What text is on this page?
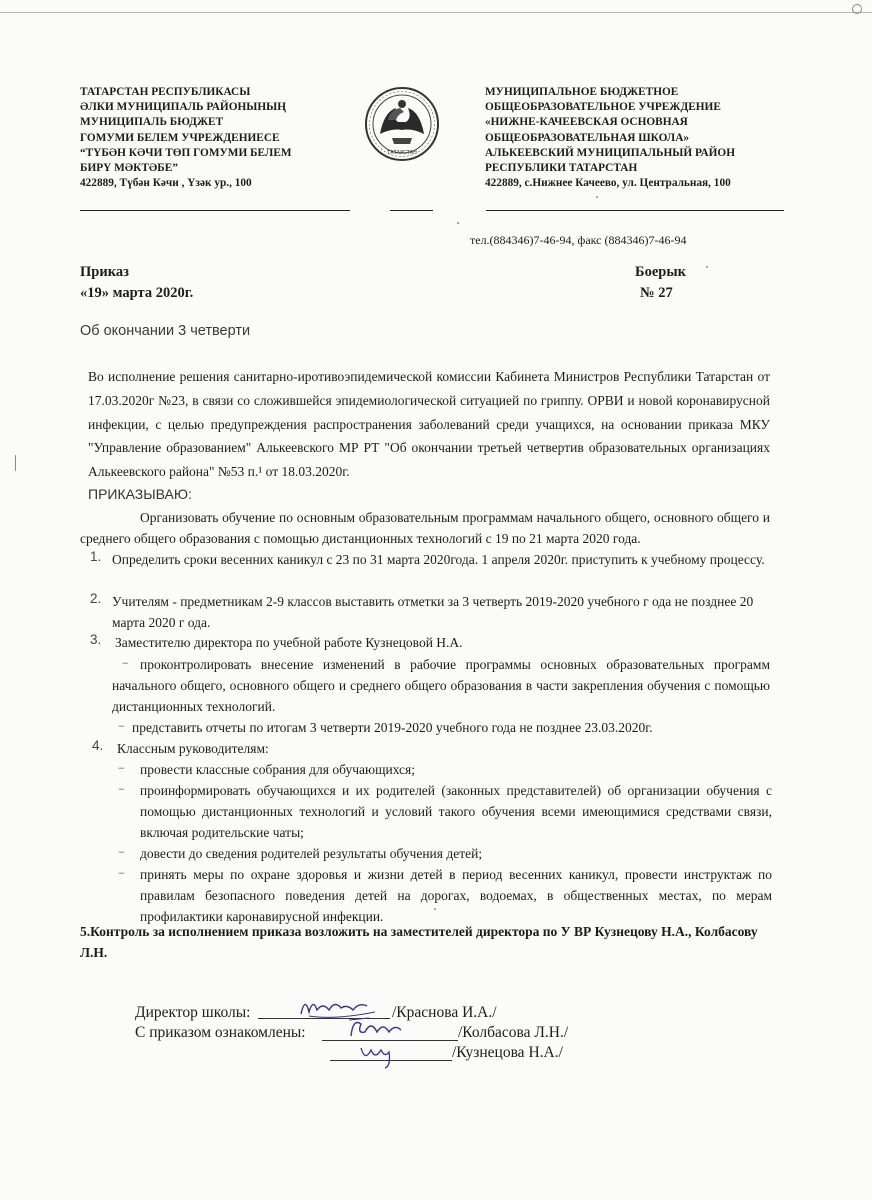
ТАТАРСТАН РЕСПУБЛИКАСЫ
ӘЛКИ МУНИЦИПАЛЬ РАЙОНЫНЫҢ
МУНИЦИПАЛЬ БЮДЖЕТ
ГОМУМИ БЕЛЕМ УЧРЕЖДЕНИЕСЕ
“ТҮБӘН КӘЧИ ТӨП ГОМУМИ БЕЛЕМ
БИРҮ МӘКТӘБЕ”
422889, Түбән Кәчи , Үзәк ур., 100
ТАТАРСТАН
МУНИЦИПАЛЬНОЕ БЮДЖЕТНОЕ
ОБЩЕОБРАЗОВАТЕЛЬНОЕ УЧРЕЖДЕНИЕ
«НИЖНЕ-КАЧЕЕВСКАЯ ОСНОВНАЯ
ОБЩЕОБРАЗОВАТЕЛЬНАЯ ШКОЛА»
АЛЬКЕЕВСКИЙ МУНИЦИПАЛЬНЫЙ РАЙОН
РЕСПУБЛИКИ ТАТАРСТАН
422889, с.Нижнее Качеево, ул. Центральная, 100
тел.(884346)7-46-94, факс (884346)7-46-94
Приказ
«19» марта 2020г.
Боерык
№ 27
Об окончании 3 четверти
Во исполнение решения санитарно-иротивоэпидемической комиссии Кабинета Министров Республики Татарстан от 17.03.2020г №23, в связи со сложившейся эпидемиологической ситуацией по гриппу. ОРВИ и новой коронавирусной инфекции, с целью предупреждения распространения заболеваний среди учащихся, на основании приказа МКУ "Управление образованием" Алькеевского МР РТ "Об окончании третьей четвертив образовательных организациях Алькеевского района" №53 п.¹ от 18.03.2020г.
ПРИКАЗЫВАЮ:
Организовать обучение по основным образовательным программам начального общего, основного общего и среднего общего образования с помощью дистанционных технологий с 19 по 21 марта 2020 года.
1. Определить сроки весенних каникул с 23 по 31 марта 2020года. 1 апреля 2020г. приступить к учебному процессу.
2. Учителям - предметникам 2-9 классов выставить отметки за 3 четверть 2019-2020 учебного г ода не позднее 20 марта 2020 г ода.
3. Заместителю директора по учебной работе Кузнецовой Н.А.
− проконтролировать внесение изменений в рабочие программы основных образовательных программ начального общего, основного общего и среднего общего образования в части закрепления обучения с помощью дистанционных технологий.
− представить отчеты по итогам 3 четверти 2019-2020 учебного года не позднее 23.03.2020г.
4. Классным руководителям:
− провести классные собрания для обучающихся;
− проинформировать обучающихся и их родителей (законных представителей) об организации обучения с помощью дистанционных технологий и условий такого обучения всеми имеющимися средствами связи, включая родительские чаты;
− довести до сведения родителей результаты обучения детей;
− принять меры по охране здоровья и жизни детей в период весенних каникул, провести инструктаж по правилам безопасного поведения детей на дорогах, водоемах, в общественных местах, по мерам профилактики каронавирусной инфекции.
5.Контроль за исполнением приказа возложить на заместителей директора по У ВР Кузнецову Н.А., Колбасову Л.Н.
Директор школы:	/Краснова И.А./
С приказом ознакомлены:	/Колбасова Л.Н./
/Кузнецова Н.А./
